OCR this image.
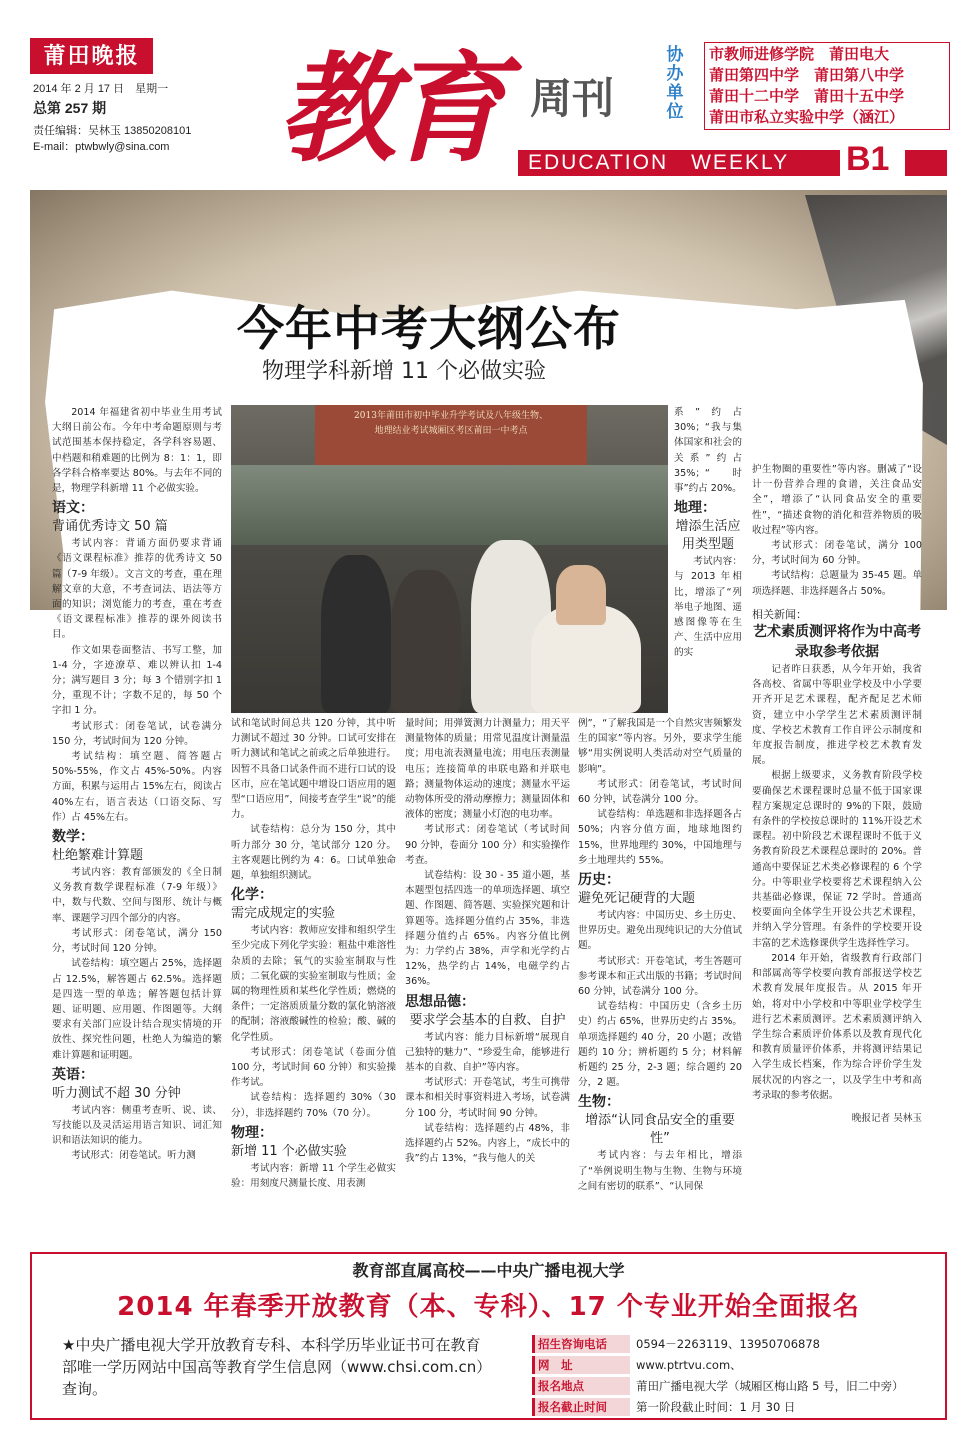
莆田晚报
2014 年 2 月 17 日　星期一
总第 257 期
责任编辑：吴林玉 13850208101
E-mail：ptwbwly@sina.com 教育 周刊
EDUCATION　WEEKLY	B1
协办单位
市教师进修学院　莆田电大
莆田第四中学　莆田第八中学
莆田十二中学　莆田十五中学
莆田市私立实验中学（涵江）
今年中考大纲公布
物理学科新增 11 个必做实验
2013年莆田市初中毕业升学考试及八年级生物、
地理结业考试城厢区考区莆田一中考点

2014 年福建省初中毕业生用考试大纲日前公布。今年中考命题原则与考试范围基本保持稳定，各学科容易题、中档题和稍难题的比例为 8：1：1，即各学科合格率要达 80%。与去年不同的是，物理学科新增 11 个必做实验。

语文：
背诵优秀诗文 50 篇

考试内容：背诵方面仍要求背诵《语文课程标准》推荐的优秀诗文 50 篇（7-9 年级）。文言文的考查，重在理解文章的大意，不考查词法、语法等方面的知识；浏览能力的考查，重在考查《语文课程标准》推荐的课外阅读书目。

作文如果卷面整洁、书写工整，加 1-4 分，字迹潦草、难以辨认扣 1-4 分；满写题目 3 分；每 3 个错别字扣 1 分，重现不计；字数不足的，每 50 个字扣 1 分。

考试形式：闭卷笔试，试卷满分 150 分，考试时间为 120 分钟。

考试结构：填空题、简答题占 50%-55%，作文占 45%-50%。内容方面，积累与运用占 15%左右，阅读占 40%左右，语言表达（口语交际、写作）占 45%左右。

数学：
杜绝繁难计算题

考试内容：教育部颁发的《全日制义务教育数学课程标准（7-9 年级）》中，数与代数、空间与图形、统计与概率、课题学习四个部分的内容。

考试形式：闭卷笔试，满分 150 分，考试时间 120 分钟。

试卷结构：填空题占 25%，选择题占 12.5%，解答题占 62.5%。选择题是四选一型的单选；解答题包括计算题、证明题、应用题、作图题等。大纲要求有关部门应设计结合现实情境的开放性、探究性问题，杜绝人为编造的繁难计算题和证明题。

英语：
听力测试不超 30 分钟

考试内容：侧重考查听、说、读、写技能以及灵活运用语言知识、词汇知识和语法知识的能力。

考试形式：闭卷笔试。听力测

试和笔试时间总共 120 分钟，其中听力测试不超过 30 分钟。口试可安排在听力测试和笔试之前或之后单独进行。因暂不具备口试条件而不进行口试的设区市，应在笔试题中增设口语应用的题型“口语应用”，间接考查学生“说”的能力。

试卷结构：总分为 150 分，其中听力部分 30 分，笔试部分 120 分。主客观题比例约为 4：6。口试单独命题，单独组织测试。

化学：
需完成规定的实验

考试内容：教师应安排和组织学生至少完成下列化学实验：粗盐中难溶性杂质的去除；氧气的实验室制取与性质；二氧化碳的实验室制取与性质；金属的物理性质和某些化学性质；燃烧的条件；一定溶质质量分数的氯化钠溶液的配制；溶液酸碱性的检验；酸、碱的化学性质。

考试形式：闭卷笔试（卷面分值 100 分，考试时间 60 分钟）和实验操作考试。

试卷结构：选择题约 30%（30 分），非选择题约 70%（70 分）。

物理：
新增 11 个必做实验

考试内容：新增 11 个学生必做实验：用刻度尺测量长度、用表测

量时间；用弹簧测力计测量力；用天平测量物体的质量；用常见温度计测量温度；用电流表测量电流；用电压表测量电压；连接简单的串联电路和并联电路；测量物体运动的速度；测量水平运动物体所受的滑动摩擦力；测量固体和液体的密度；测量小灯泡的电功率。

考试形式：闭卷笔试（考试时间 90 分钟，卷面分 100 分）和实验操作考查。

试卷结构：设 30 - 35 道小题，基本题型包括四选一的单项选择题、填空题、作图题、简答题、实验探究题和计算题等。选择题分值约占 35%，非选择题分值约占 65%。内容分值比例为：力学约占 38%，声学和光学约占 12%，热学约占 14%，电磁学约占 36%。

思想品德：
要求学会基本的自救、自护

考试内容：能力目标新增“展现自己独特的魅力”、“珍爱生命，能够进行基本的自救、自护”等内容。

考试形式：开卷笔试，考生可携带课本和相关时事资料进入考场，试卷满分 100 分，考试时间 90 分钟。

试卷结构：选择题约占 48%，非选择题约占 52%。内容上，“成长中的我”约占 13%，“我与他人的关

系”约占 30%；“我与集体国家和社会的关系”约占 35%；“时事”约占 20%。

地理：
增添生活应用类型题

考试内容：与 2013 年相比，增添了“列举电子地图、遥感图像等在生产、生活中应用的实

例”，“了解我国是一个自然灾害频繁发生的国家”等内容。另外，要求学生能够“用实例说明人类活动对空气质量的影响”。

考试形式：闭卷笔试，考试时间 60 分钟，试卷满分 100 分。

试卷结构：单选题和非选择题各占 50%；内容分值方面，地球地图约 15%，世界地理约 30%，中国地理与乡土地理共约 55%。

历史：
避免死记硬背的大题

考试内容：中国历史、乡土历史、世界历史。避免出现纯识记的大分值试题。

考试形式：开卷笔试，考生答题可参考课本和正式出版的书籍；考试时间 60 分钟，试卷满分 100 分。

试卷结构：中国历史（含乡土历史）约占 65%，世界历史约占 35%。单项选择题约 40 分，20 小题；改错题约 10 分；辨析题约 5 分；材料解析题约 25 分，2-3 题；综合题约 20 分，2 题。

生物：
增添“认同食品安全的重要性”

考试内容：与去年相比，增添了“举例说明生物与生物、生物与环境之间有密切的联系”、“认同保

护生物圈的重要性”等内容。删减了“设计一份营养合理的食谱，关注食品安全”，增添了“认同食品安全的重要性”，“描述食物的消化和营养物质的吸收过程”等内容。

考试形式：闭卷笔试，满分 100 分，考试时间为 60 分钟。

考试结构：总题量为 35-45 题。单项选择题、非选择题各占 50%。

相关新闻：
艺术素质测评将作为中高考录取参考依据

记者昨日获悉，从今年开始，我省各高校、省属中等职业学校及中小学要开齐开足艺术课程，配齐配足艺术师资，建立中小学学生艺术素质测评制度、学校艺术教育工作自评公示制度和年度报告制度，推进学校艺术教育发展。

根据上级要求，义务教育阶段学校要确保艺术课程课时总量不低于国家课程方案规定总课时的 9%的下限，鼓励有条件的学校按总课时的 11%开设艺术课程。初中阶段艺术课程课时不低于义务教育阶段艺术课程总课时的 20%。普通高中要保证艺术类必修课程的 6 个学分。中等职业学校要将艺术课程纳入公共基础必修课，保证 72 学时。普通高校要面向全体学生开设公共艺术课程，并纳入学分管理。有条件的学校要开设丰富的艺术选修课供学生选择性学习。

2014 年开始，省级教育行政部门和部属高等学校要向教育部报送学校艺术教育发展年度报告。从 2015 年开始，将对中小学校和中等职业学校学生进行艺术素质测评。艺术素质测评纳入学生综合素质评价体系以及教育现代化和教育质量评价体系，并将测评结果记入学生成长档案，作为综合评价学生发展状况的内容之一，以及学生中考和高考录取的参考依据。

晚报记者 吴林玉
教育部直属高校——中央广播电视大学
2014 年春季开放教育（本、专科）、17 个专业开始全面报名
★中央广播电视大学开放教育专科、本科学历毕业证书可在教育部唯一学历网站中国高等教育学生信息网（www.chsi.com.cn）查询。
招生咨询电话	0594－2263119、13950706878
网　址	www.ptrtvu.com、
报名地点	莆田广播电视大学（城厢区梅山路 5 号，旧二中旁）
报名截止时间	第一阶段截止时间：1 月 30 日
